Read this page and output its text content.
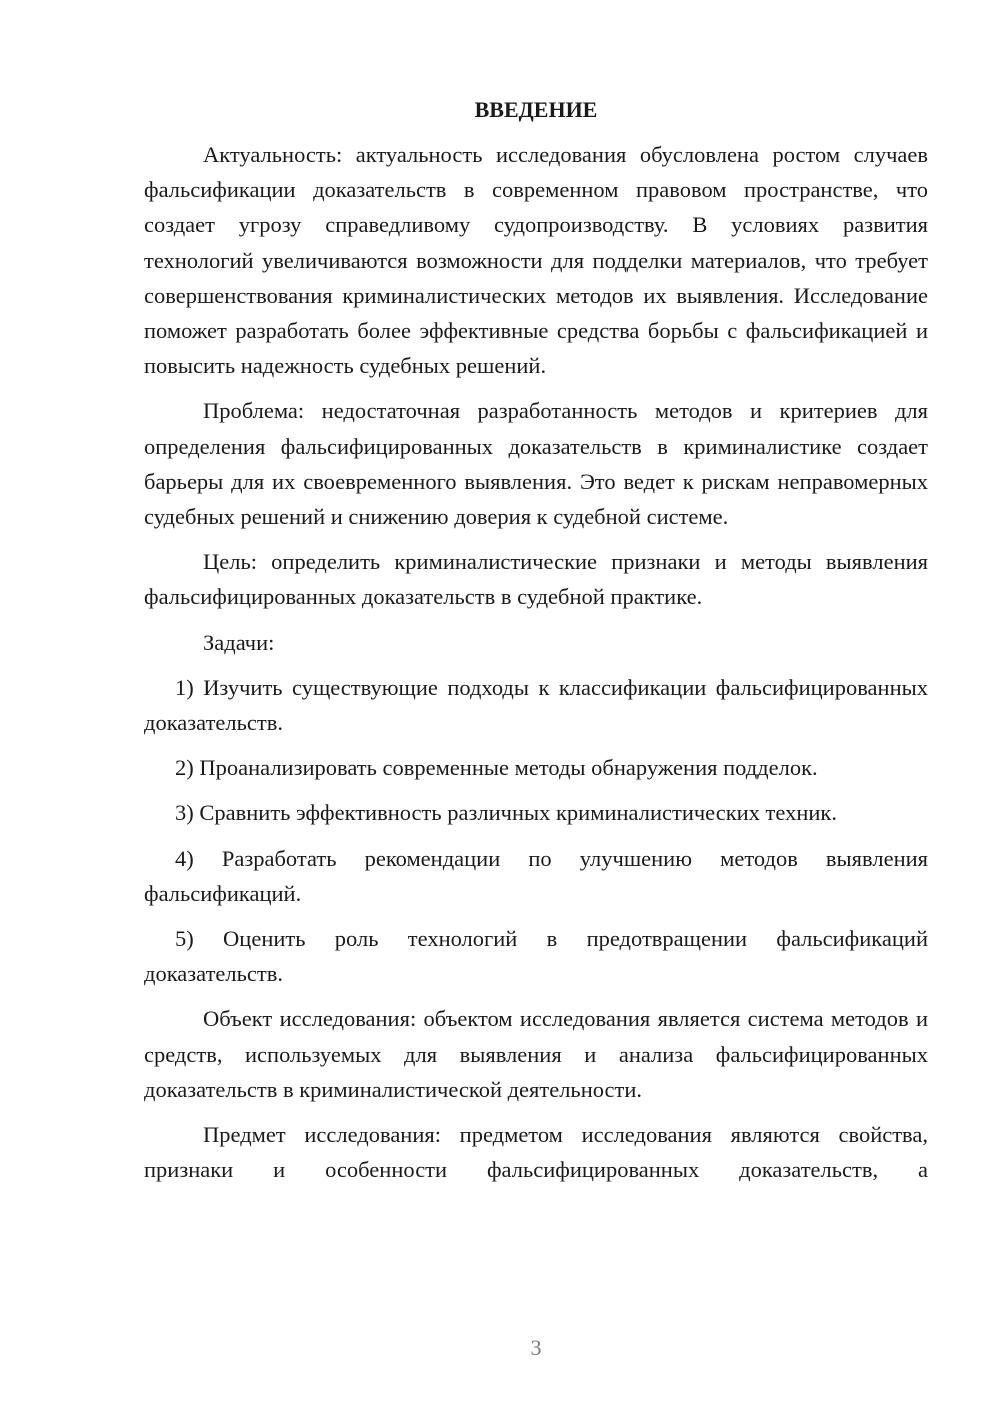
ВВЕДЕНИЕ

Актуальность: актуальность исследования обусловлена ростом случаев фальсификации доказательств в современном правовом пространстве, что создает угрозу справедливому судопроизводству. В условиях развития технологий увеличиваются возможности для подделки материалов, что требует совершенствования криминалистических методов их выявления. Исследование поможет разработать более эффективные средства борьбы с фальсификацией и повысить надежность судебных решений.

Проблема: недостаточная разработанность методов и критериев для определения фальсифицированных доказательств в криминалистике создает барьеры для их своевременного выявления. Это ведет к рискам неправомерных судебных решений и снижению доверия к судебной системе.

Цель: определить криминалистические признаки и методы выявления фальсифицированных доказательств в судебной практике.

Задачи:

1) Изучить существующие подходы к классификации фальсифицированных доказательств.

2) Проанализировать современные методы обнаружения подделок.

3) Сравнить эффективность различных криминалистических техник.

4) Разработать рекомендации по улучшению методов выявления фальсификаций.

5) Оценить роль технологий в предотвращении фальсификаций доказательств.

Объект исследования: объектом исследования является система методов и средств, используемых для выявления и анализа фальсифицированных доказательств в криминалистической деятельности.

Предмет исследования: предметом исследования являются свойства, признаки и особенности фальсифицированных доказательств, а

3
